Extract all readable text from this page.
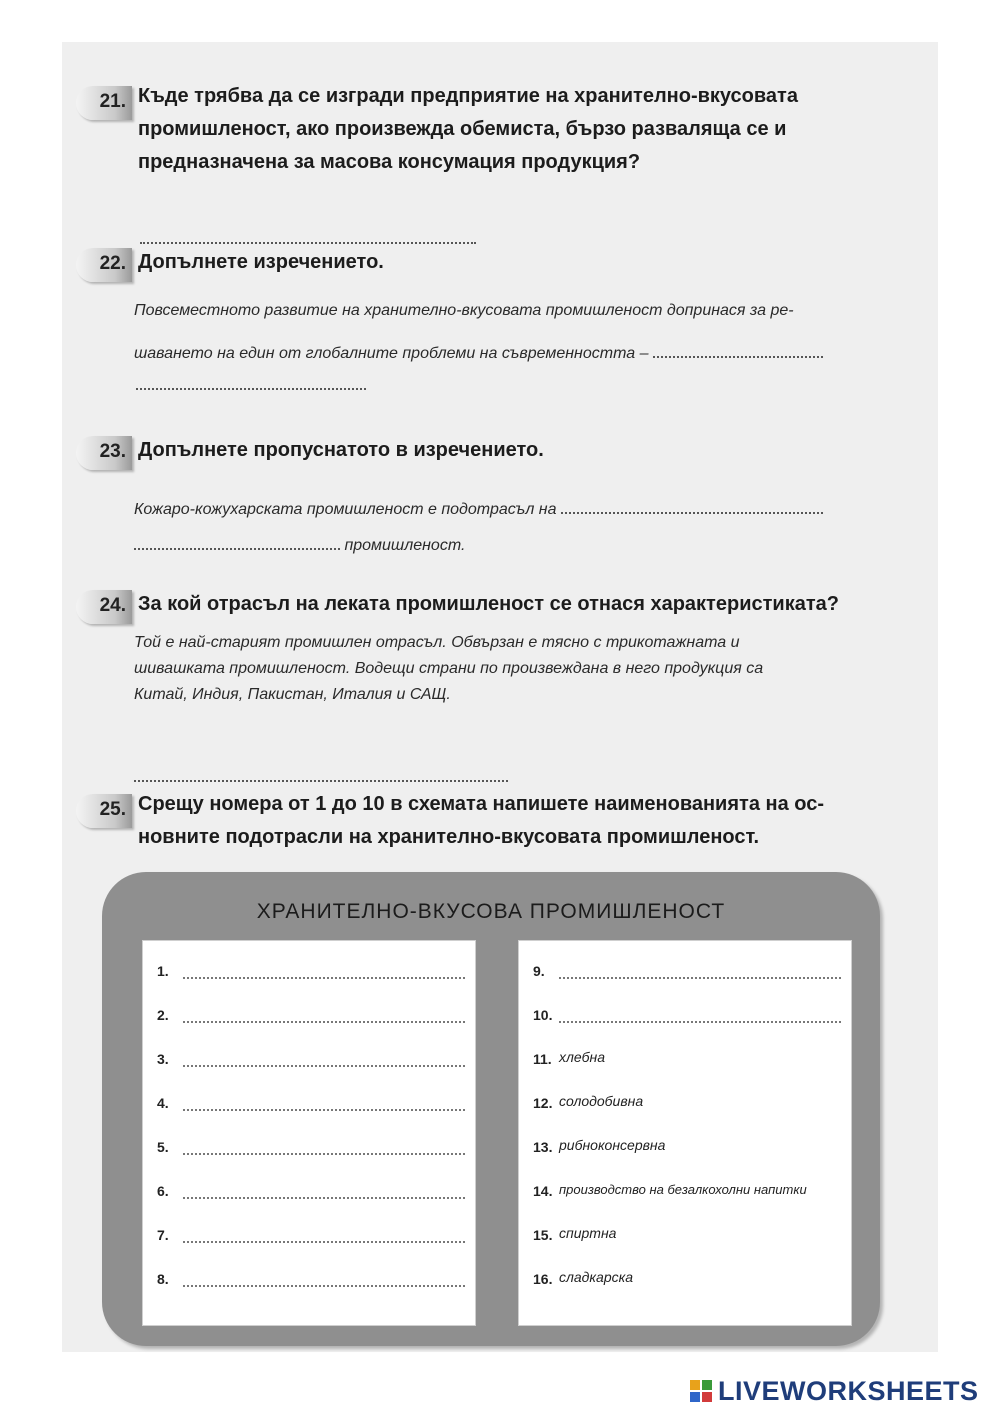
21. Къде трябва да се изгради предприятие на хранително-вкусовата
промишленост, ако произвежда обемиста, бързо разваляща се и
предназначена за масова консумация продукция?
22. Допълнете изречението.
Повсеместното развитие на хранително-вкусовата промишленост допринася за ре-
шаването на един от глобалните проблеми на съвременността –
23. Допълнете пропуснатото в изречението.
Кожаро-кожухарската промишленост е подотрасъл на
промишленост.
24. За кой отрасъл на леката промишленост се отнася характеристиката?
Той е най-старият промишлен отрасъл. Обвързан е тясно с трикотажната и
шивашката промишленост. Водещи страни по произвеждана в него продукция са
Китай, Индия, Пакистан, Италия и САЩ.
25. Срещу номера от 1 до 10 в схемата напишете наименованията на ос-
новните подотрасли на хранително-вкусовата промишленост.
ХРАНИТЕЛНО-ВКУСОВА ПРОМИШЛЕНОСТ
1.
2.
3.
4.
5.
6.
7.
8.
9.
10.
11. хлебна
12. солодобивна
13. рибноконсервна
14. производство на безалкохолни напитки
15. спиртна
16. сладкарска
LIVEWORKSHEETS
